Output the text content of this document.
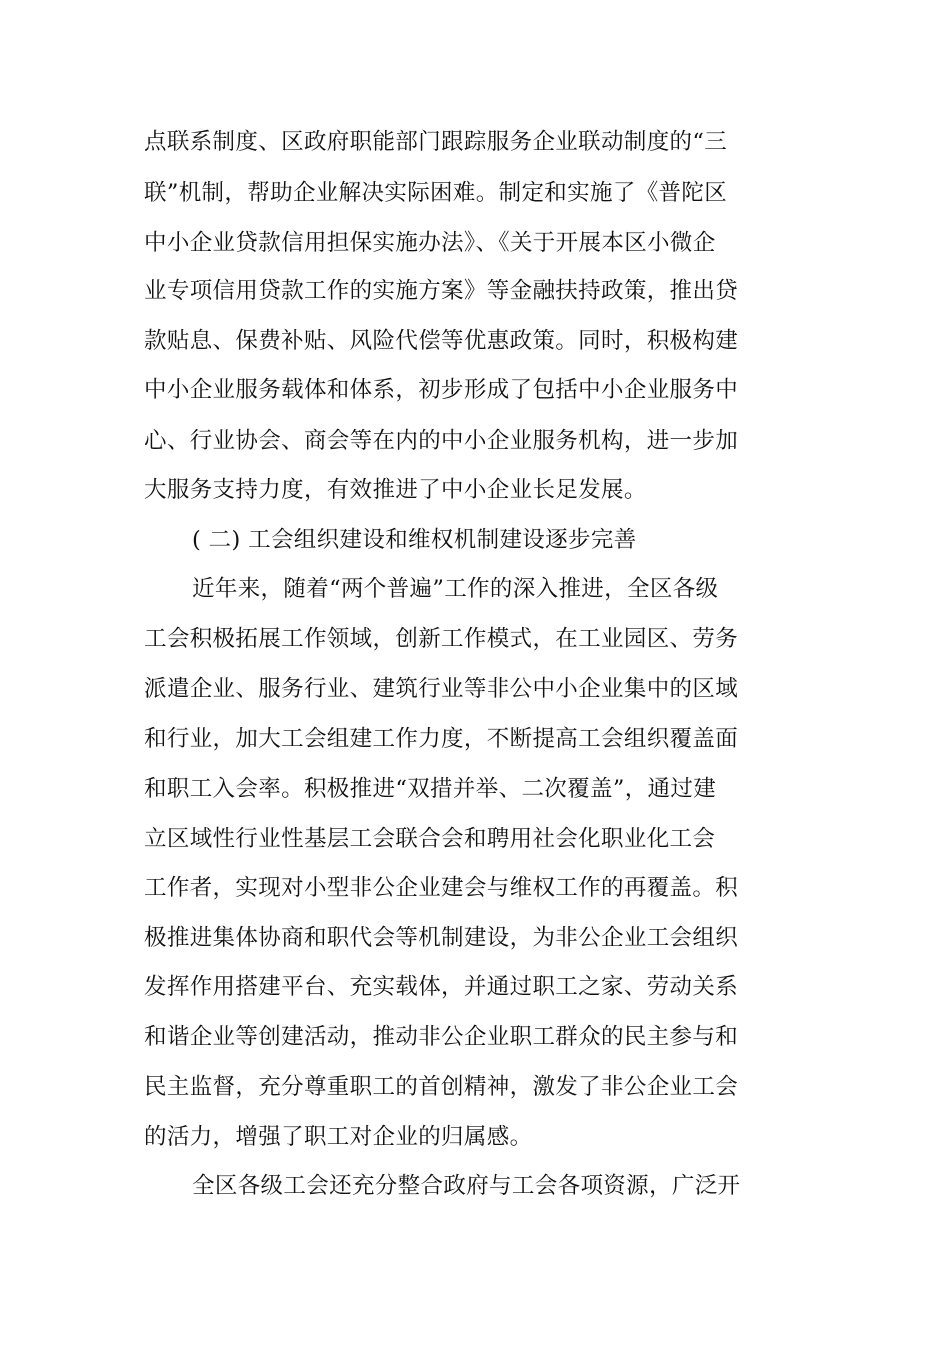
点联系制度、区政府职能部门跟踪服务企业联动制度的“三
联”机制，帮助企业解决实际困难。制定和实施了《普陀区
中小企业贷款信用担保实施办法》、《关于开展本区小微企
业专项信用贷款工作的实施方案》等金融扶持政策，推出贷
款贴息、保费补贴、风险代偿等优惠政策。同时，积极构建
中小企业服务载体和体系，初步形成了包括中小企业服务中
心、行业协会、商会等在内的中小企业服务机构，进一步加
大服务支持力度，有效推进了中小企业长足发展。
( 二) 工会组织建设和维权机制建设逐步完善
近年来，随着“两个普遍”工作的深入推进，全区各级
工会积极拓展工作领域，创新工作模式，在工业园区、劳务
派遣企业、服务行业、建筑行业等非公中小企业集中的区域
和行业，加大工会组建工作力度，不断提高工会组织覆盖面
和职工入会率。积极推进“双措并举、二次覆盖”，通过建
立区域性行业性基层工会联合会和聘用社会化职业化工会
工作者，实现对小型非公企业建会与维权工作的再覆盖。积
极推进集体协商和职代会等机制建设，为非公企业工会组织
发挥作用搭建平台、充实载体，并通过职工之家、劳动关系
和谐企业等创建活动，推动非公企业职工群众的民主参与和
民主监督，充分尊重职工的首创精神，激发了非公企业工会
的活力，增强了职工对企业的归属感。
全区各级工会还充分整合政府与工会各项资源，广泛开
